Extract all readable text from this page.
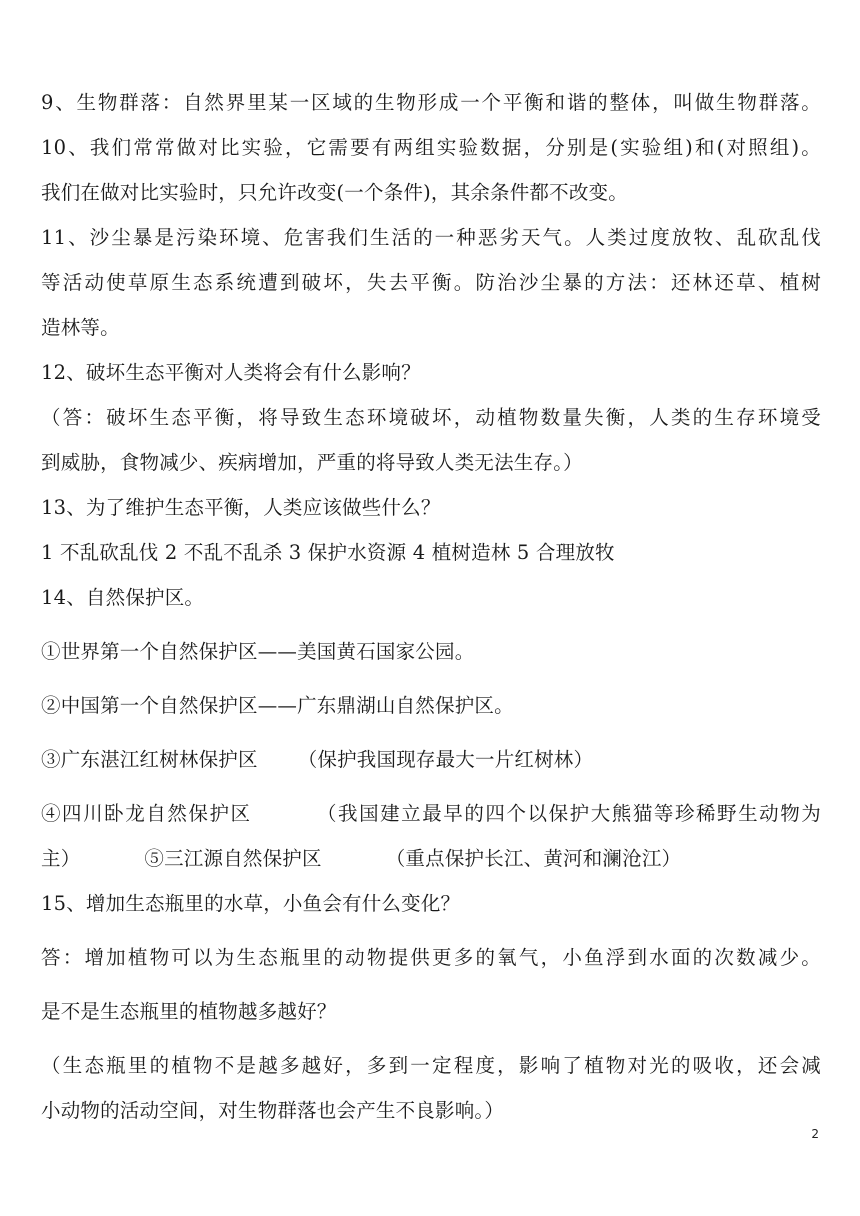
9、生物群落：自然界里某一区域的生物形成一个平衡和谐的整体，叫做生物群落。
10、我们常常做对比实验，它需要有两组实验数据，分别是(实验组)和(对照组)。
我们在做对比实验时，只允许改变(一个条件)，其余条件都不改变。
11、沙尘暴是污染环境、危害我们生活的一种恶劣天气。人类过度放牧、乱砍乱伐
等活动使草原生态系统遭到破坏，失去平衡。防治沙尘暴的方法：还林还草、植树
造林等。
12、破坏生态平衡对人类将会有什么影响？
（答：破坏生态平衡，将导致生态环境破坏，动植物数量失衡，人类的生存环境受
到威胁，食物减少、疾病增加，严重的将导致人类无法生存。）
13、为了维护生态平衡，人类应该做些什么？
1 不乱砍乱伐 2 不乱不乱杀 3 保护水资源 4 植树造林 5 合理放牧
14、自然保护区。
①世界第一个自然保护区——美国黄石国家公园。
②中国第一个自然保护区——广东鼎湖山自然保护区。
③广东湛江红树林保护区 （保护我国现存最大一片红树林）
④四川卧龙自然保护区	（我国建立最早的四个以保护大熊猫等珍稀野生动物为
主）	⑤三江源自然保护区	（重点保护长江、黄河和澜沧江）
15、增加生态瓶里的水草，小鱼会有什么变化？
答：增加植物可以为生态瓶里的动物提供更多的氧气，小鱼浮到水面的次数减少。
是不是生态瓶里的植物越多越好？
（生态瓶里的植物不是越多越好，多到一定程度，影响了植物对光的吸收，还会减
小动物的活动空间，对生物群落也会产生不良影响。）
2
